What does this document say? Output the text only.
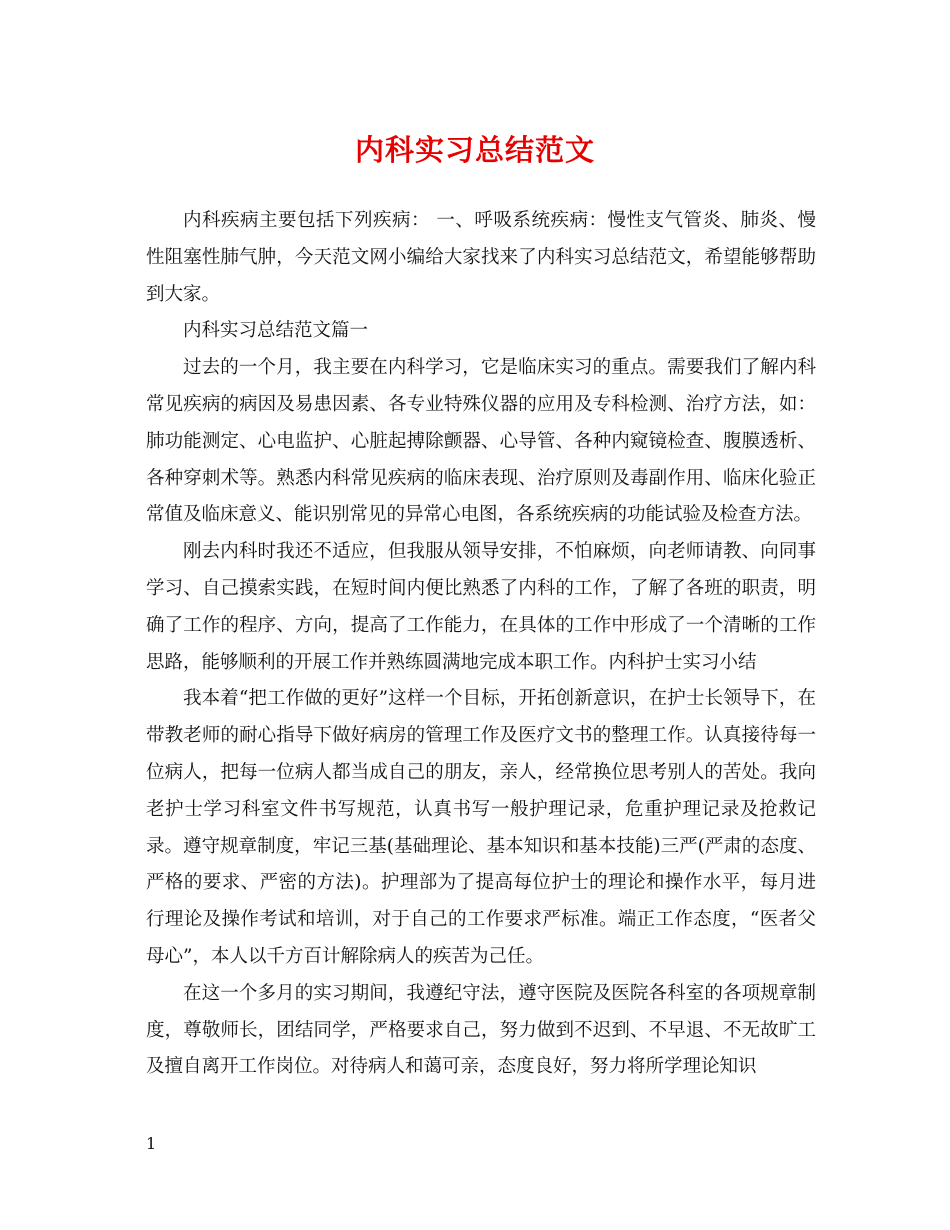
内科实习总结范文

内科疾病主要包括下列疾病： 一、呼吸系统疾病：慢性支气管炎、肺炎、慢性阻塞性肺气肿，今天范文网小编给大家找来了内科实习总结范文，希望能够帮助到大家。

内科实习总结范文篇一

过去的一个月，我主要在内科学习，它是临床实习的重点。需要我们了解内科常见疾病的病因及易患因素、各专业特殊仪器的应用及专科检测、治疗方法，如：肺功能测定、心电监护、心脏起搏除颤器、心导管、各种内窥镜检查、腹膜透析、各种穿刺术等。熟悉内科常见疾病的临床表现、治疗原则及毒副作用、临床化验正常值及临床意义、能识别常见的异常心电图，各系统疾病的功能试验及检查方法。

刚去内科时我还不适应，但我服从领导安排，不怕麻烦，向老师请教、向同事学习、自己摸索实践，在短时间内便比熟悉了内科的工作，了解了各班的职责，明确了工作的程序、方向，提高了工作能力，在具体的工作中形成了一个清晰的工作思路，能够顺利的开展工作并熟练圆满地完成本职工作。内科护士实习小结

我本着“把工作做的更好”这样一个目标，开拓创新意识，在护士长领导下，在带教老师的耐心指导下做好病房的管理工作及医疗文书的整理工作。认真接待每一位病人，把每一位病人都当成自己的朋友，亲人，经常换位思考别人的苦处。我向老护士学习科室文件书写规范，认真书写一般护理记录，危重护理记录及抢救记录。遵守规章制度，牢记三基(基础理论、基本知识和基本技能)三严(严肃的态度、严格的要求、严密的方法)。护理部为了提高每位护士的理论和操作水平，每月进行理论及操作考试和培训，对于自己的工作要求严标准。端正工作态度，“医者父母心”，本人以千方百计解除病人的疾苦为己任。

在这一个多月的实习期间，我遵纪守法，遵守医院及医院各科室的各项规章制度，尊敬师长，团结同学，严格要求自己，努力做到不迟到、不早退、不无故旷工及擅自离开工作岗位。对待病人和蔼可亲，态度良好，努力将所学理论知识

1
